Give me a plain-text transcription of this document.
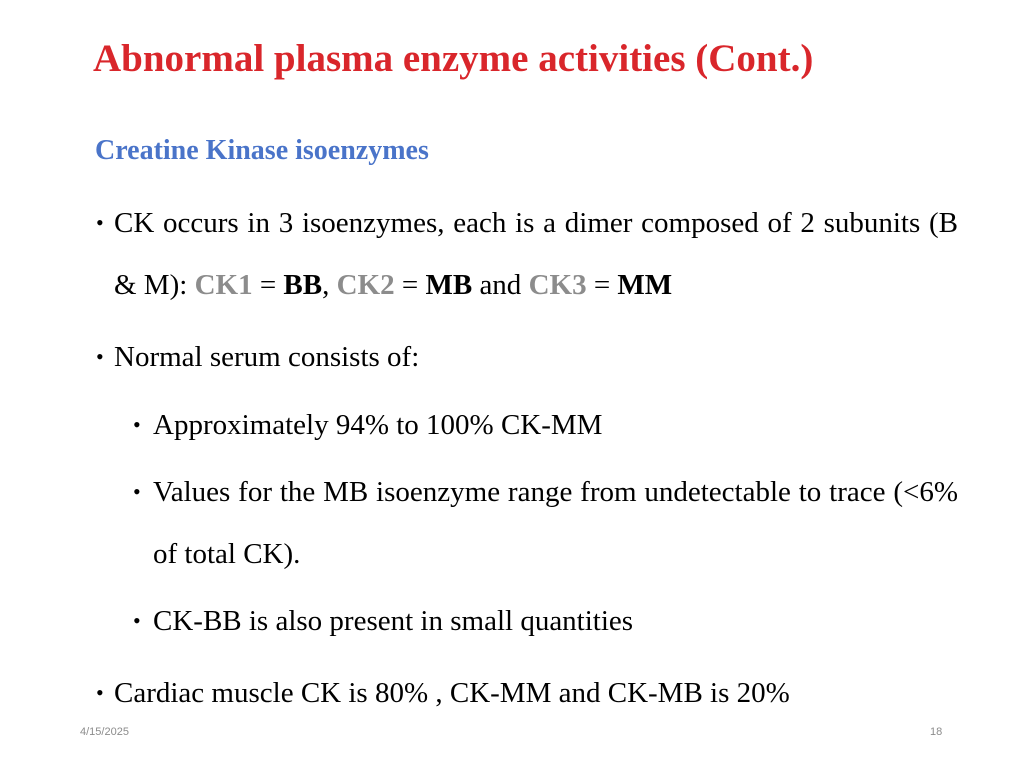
Abnormal plasma enzyme activities (Cont.)
Creatine Kinase isoenzymes
• CK occurs in 3 isoenzymes, each is a dimer composed of 2 subunits (B & M): CK1 = BB, CK2 = MB and CK3 = MM
• Normal serum consists of:
• Approximately 94% to 100% CK-MM
• Values for the MB isoenzyme range from undetectable to trace (<6% of total CK).
• CK-BB is also present in small quantities
• Cardiac muscle CK is 80% , CK-MM and CK-MB is 20%
4/15/2025	18
